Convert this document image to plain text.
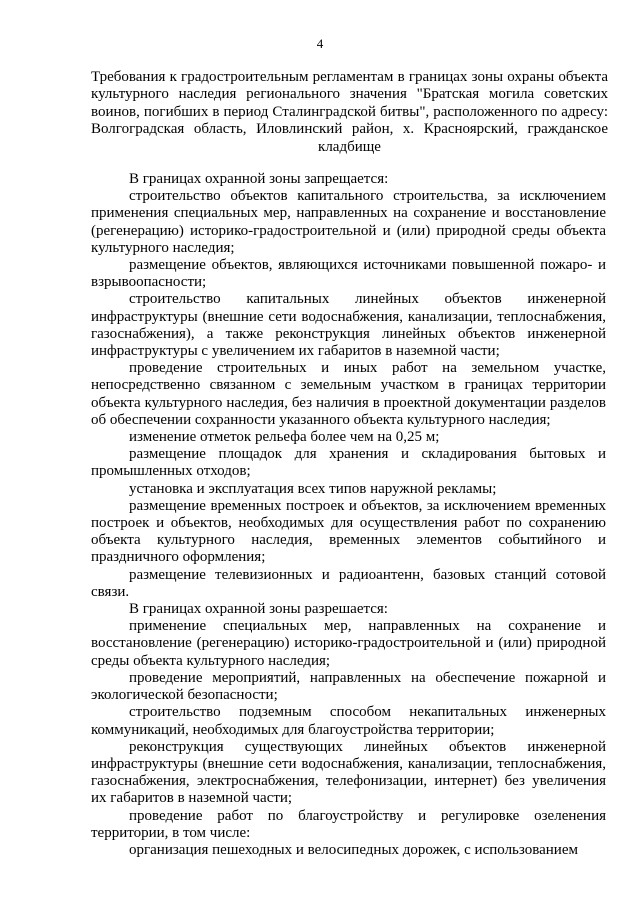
4
Требования к градостроительным регламентам в границах зоны охраны объекта культурного наследия регионального значения "Братская могила советских воинов, погибших в период Сталинградской битвы", расположенного по адресу: Волгоградская область, Иловлинский район, х. Красноярский, гражданское кладбище

В границах охранной зоны запрещается:

строительство объектов капитального строительства, за исключением применения специальных мер, направленных на сохранение и восстановление (регенерацию) историко-градостроительной и (или) природной среды объекта культурного наследия;

размещение объектов, являющихся источниками повышенной пожаро- и взрывоопасности;

строительство капитальных линейных объектов инженерной инфраструктуры (внешние сети водоснабжения, канализации, теплоснабжения, газоснабжения), а также реконструкция линейных объектов инженерной инфраструктуры с увеличением их габаритов в наземной части;

проведение строительных и иных работ на земельном участке, непосредственно связанном с земельным участком в границах территории объекта культурного наследия, без наличия в проектной документации разделов об обеспечении сохранности указанного объекта культурного наследия;

изменение отметок рельефа более чем на 0,25 м;

размещение площадок для хранения и складирования бытовых и промышленных отходов;

установка и эксплуатация всех типов наружной рекламы;

размещение временных построек и объектов, за исключением временных построек и объектов, необходимых для осуществления работ по сохранению объекта культурного наследия, временных элементов событийного и праздничного оформления;

размещение телевизионных и радиоантенн, базовых станций сотовой связи.

В границах охранной зоны разрешается:

применение специальных мер, направленных на сохранение и восстановление (регенерацию) историко-градостроительной и (или) природной среды объекта культурного наследия;

проведение мероприятий, направленных на обеспечение пожарной и экологической безопасности;

строительство подземным способом некапитальных инженерных коммуникаций, необходимых для благоустройства территории;

реконструкция существующих линейных объектов инженерной инфраструктуры (внешние сети водоснабжения, канализации, теплоснабжения, газоснабжения, электроснабжения, телефонизации, интернет) без увеличения их габаритов в наземной части;

проведение работ по благоустройству и регулировке озеленения территории, в том числе:

организация пешеходных и велосипедных дорожек, с использованием
